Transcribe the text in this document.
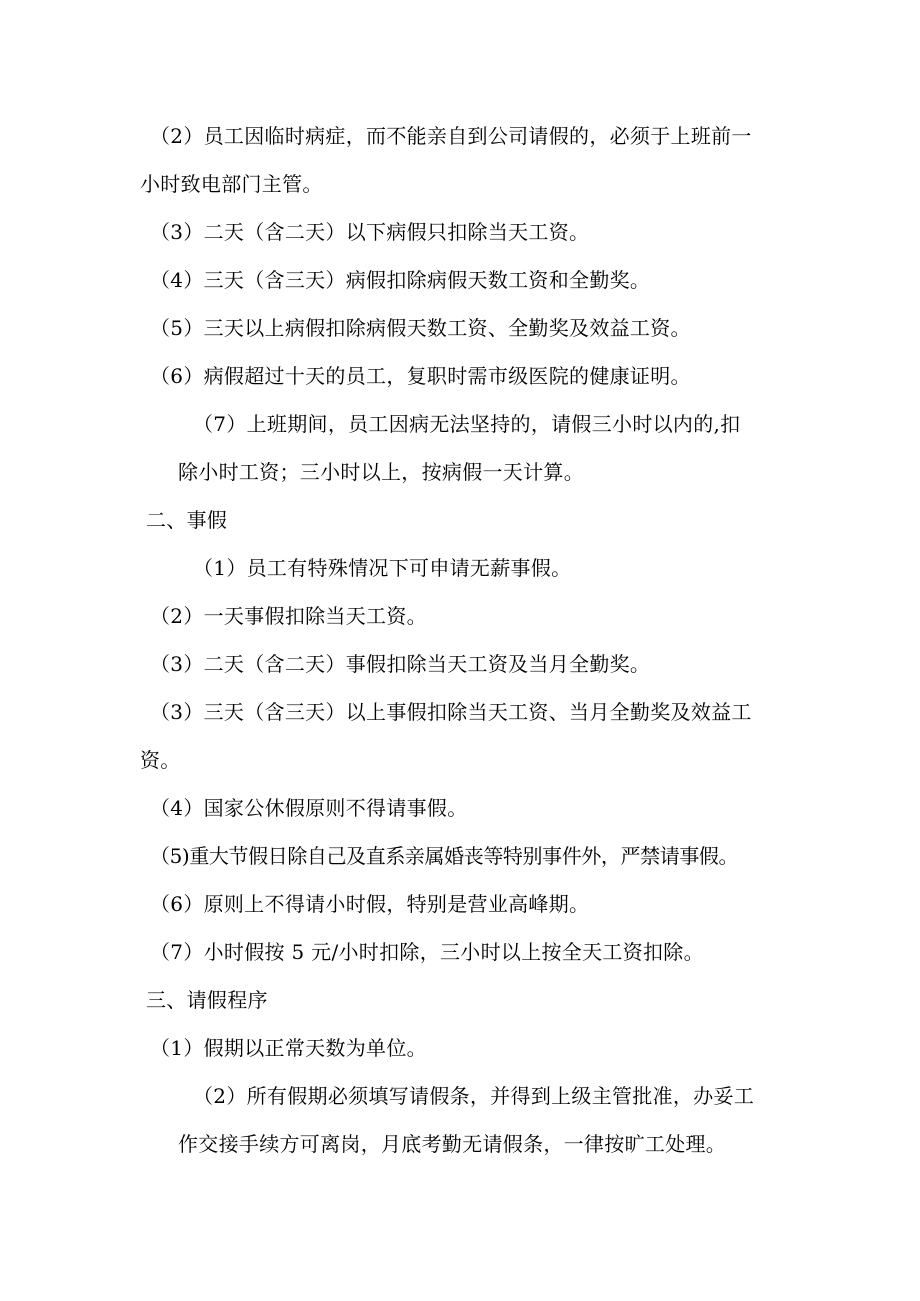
（2）员工因临时病症，而不能亲自到公司请假的，必须于上班前一
小时致电部门主管。
（3）二天（含二天）以下病假只扣除当天工资。
（4）三天（含三天）病假扣除病假天数工资和全勤奖。
（5）三天以上病假扣除病假天数工资、全勤奖及效益工资。
（6）病假超过十天的员工，复职时需市级医院的健康证明。
（7）上班期间，员工因病无法坚持的，请假三小时以内的,扣
除小时工资；三小时以上，按病假一天计算。
二、事假
（1）员工有特殊情况下可申请无薪事假。
（2）一天事假扣除当天工资。
（3）二天（含二天）事假扣除当天工资及当月全勤奖。
（3）三天（含三天）以上事假扣除当天工资、当月全勤奖及效益工
资。
（4）国家公休假原则不得请事假。
（5)重大节假日除自己及直系亲属婚丧等特别事件外，严禁请事假。
（6）原则上不得请小时假，特别是营业高峰期。
（7）小时假按 5 元/小时扣除，三小时以上按全天工资扣除。
三、请假程序
（1）假期以正常天数为单位。
（2）所有假期必须填写请假条，并得到上级主管批准，办妥工
作交接手续方可离岗，月底考勤无请假条，一律按旷工处理。
